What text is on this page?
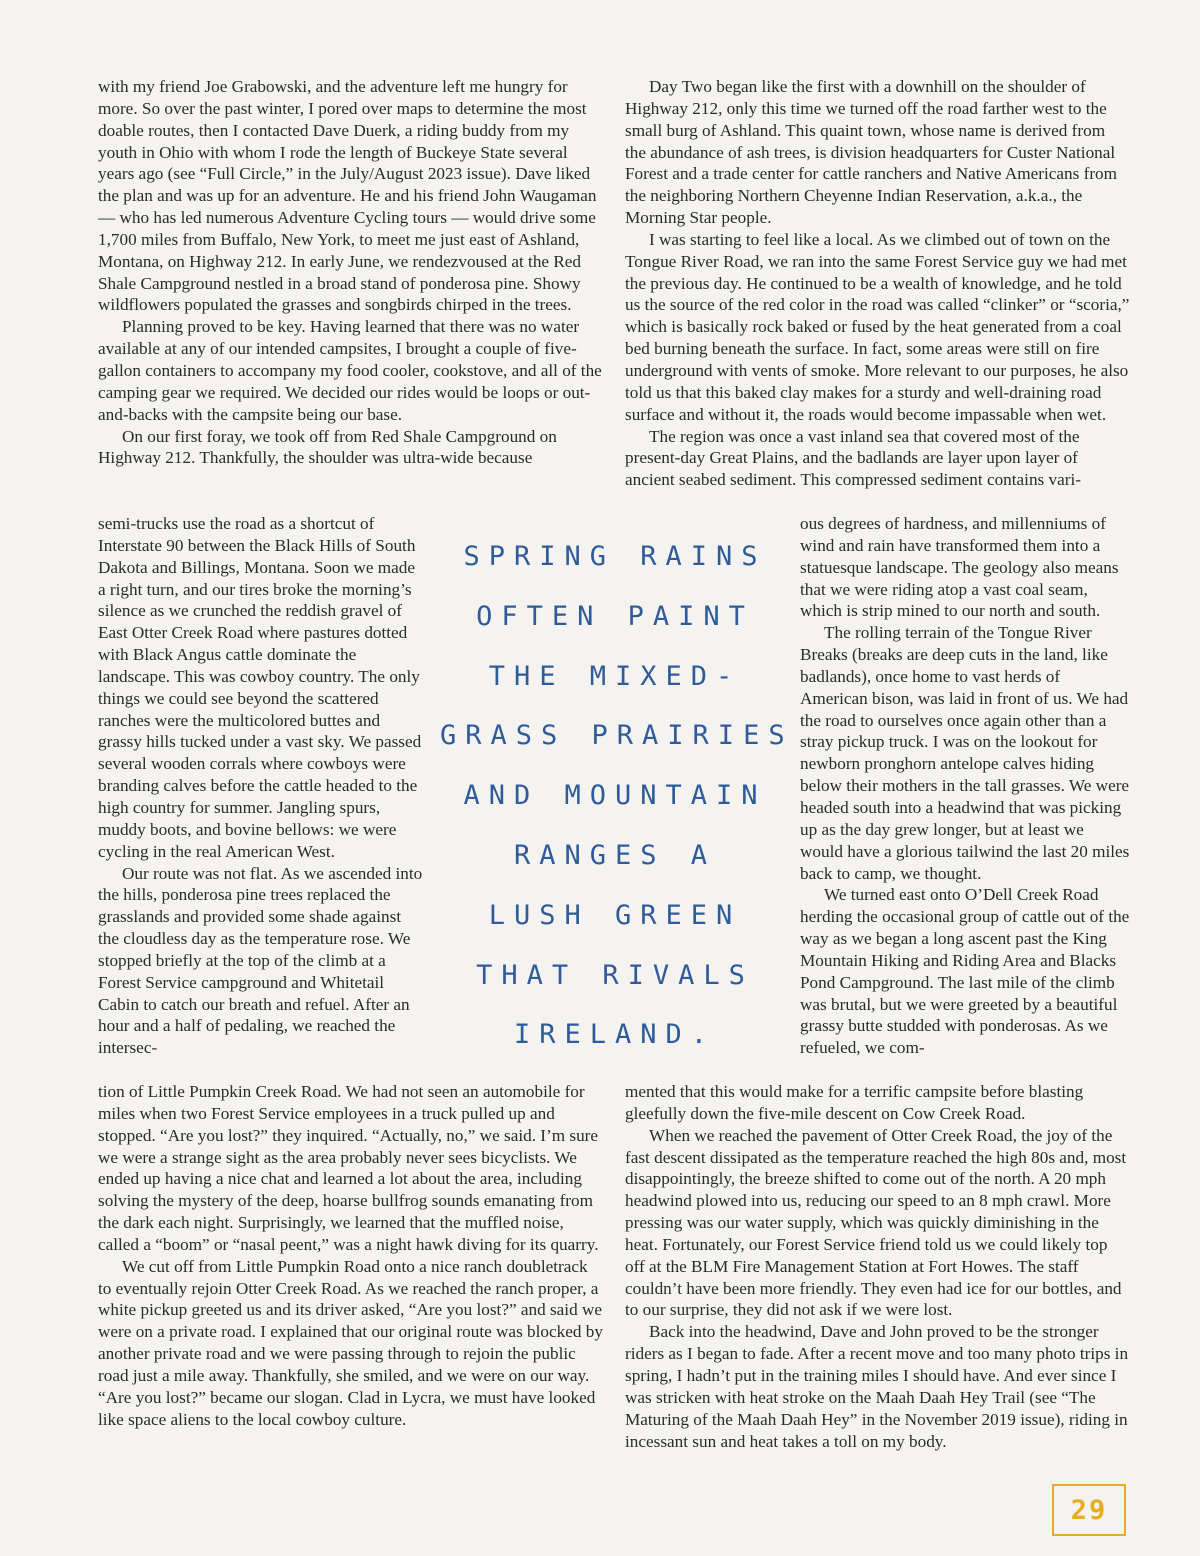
with my friend Joe Grabowski, and the adventure left me hungry for more. So over the past winter, I pored over maps to determine the most doable routes, then I contacted Dave Duerk, a riding buddy from my youth in Ohio with whom I rode the length of Buckeye State several years ago (see “Full Circle,” in the July/August 2023 issue). Dave liked the plan and was up for an adventure. He and his friend John Waugaman — who has led numerous Adventure Cycling tours — would drive some 1,700 miles from Buffalo, New York, to meet me just east of Ashland, Montana, on Highway 212. In early June, we rendezvoused at the Red Shale Campground nestled in a broad stand of ponderosa pine. Showy wildflowers populated the grasses and songbirds chirped in the trees.

Planning proved to be key. Having learned that there was no water available at any of our intended campsites, I brought a couple of five-gallon containers to accompany my food cooler, cookstove, and all of the camping gear we required. We decided our rides would be loops or out-and-backs with the campsite being our base.

On our first foray, we took off from Red Shale Campground on Highway 212. Thankfully, the shoulder was ultra-wide because

semi-trucks use the road as a shortcut of Interstate 90 between the Black Hills of South Dakota and Billings, Montana. Soon we made a right turn, and our tires broke the morning’s silence as we crunched the reddish gravel of East Otter Creek Road where pastures dotted with Black Angus cattle dominate the landscape. This was cowboy country. The only things we could see beyond the scattered ranches were the multicolored buttes and grassy hills tucked under a vast sky. We passed several wooden corrals where cowboys were branding calves before the cattle headed to the high country for summer. Jangling spurs, muddy boots, and bovine bellows: we were cycling in the real American West.

Our route was not flat. As we ascended into the hills, ponderosa pine trees replaced the grasslands and provided some shade against the cloudless day as the temperature rose. We stopped briefly at the top of the climb at a Forest Service campground and Whitetail Cabin to catch our breath and refuel. After an hour and a half of pedaling, we reached the intersec-

tion of Little Pumpkin Creek Road. We had not seen an automobile for miles when two Forest Service employees in a truck pulled up and stopped. “Are you lost?” they inquired. “Actually, no,” we said. I’m sure we were a strange sight as the area probably never sees bicyclists. We ended up having a nice chat and learned a lot about the area, including solving the mystery of the deep, hoarse bullfrog sounds emanating from the dark each night. Surprisingly, we learned that the muffled noise, called a “boom” or “nasal peent,” was a night hawk diving for its quarry.

We cut off from Little Pumpkin Road onto a nice ranch doubletrack to eventually rejoin Otter Creek Road. As we reached the ranch proper, a white pickup greeted us and its driver asked, “Are you lost?” and said we were on a private road. I explained that our original route was blocked by another private road and we were passing through to rejoin the public road just a mile away. Thankfully, she smiled, and we were on our way. “Are you lost?” became our slogan. Clad in Lycra, we must have looked like space aliens to the local cowboy culture.

Day Two began like the first with a downhill on the shoulder of Highway 212, only this time we turned off the road farther west to the small burg of Ashland. This quaint town, whose name is derived from the abundance of ash trees, is division headquarters for Custer National Forest and a trade center for cattle ranchers and Native Americans from the neighboring Northern Cheyenne Indian Reservation, a.k.a., the Morning Star people.

I was starting to feel like a local. As we climbed out of town on the Tongue River Road, we ran into the same Forest Service guy we had met the previous day. He continued to be a wealth of knowledge, and he told us the source of the red color in the road was called “clinker” or “scoria,” which is basically rock baked or fused by the heat generated from a coal bed burning beneath the surface. In fact, some areas were still on fire underground with vents of smoke. More relevant to our purposes, he also told us that this baked clay makes for a sturdy and well-draining road surface and without it, the roads would become impassable when wet.

The region was once a vast inland sea that covered most of the present-day Great Plains, and the badlands are layer upon layer of ancient seabed sediment. This compressed sediment contains vari-

ous degrees of hardness, and millenniums of wind and rain have transformed them into a statuesque landscape. The geology also means that we were riding atop a vast coal seam, which is strip mined to our north and south.

The rolling terrain of the Tongue River Breaks (breaks are deep cuts in the land, like badlands), once home to vast herds of American bison, was laid in front of us. We had the road to ourselves once again other than a stray pickup truck. I was on the lookout for newborn pronghorn antelope calves hiding below their mothers in the tall grasses. We were headed south into a headwind that was picking up as the day grew longer, but at least we would have a glorious tailwind the last 20 miles back to camp, we thought.

We turned east onto O’Dell Creek Road herding the occasional group of cattle out of the way as we began a long ascent past the King Mountain Hiking and Riding Area and Blacks Pond Campground. The last mile of the climb was brutal, but we were greeted by a beautiful grassy butte studded with ponderosas. As we refueled, we com-

mented that this would make for a terrific campsite before blasting gleefully down the five-mile descent on Cow Creek Road.

When we reached the pavement of Otter Creek Road, the joy of the fast descent dissipated as the temperature reached the high 80s and, most disappointingly, the breeze shifted to come out of the north. A 20 mph headwind plowed into us, reducing our speed to an 8 mph crawl. More pressing was our water supply, which was quickly diminishing in the heat. Fortunately, our Forest Service friend told us we could likely top off at the BLM Fire Management Station at Fort Howes. The staff couldn’t have been more friendly. They even had ice for our bottles, and to our surprise, they did not ask if we were lost.

Back into the headwind, Dave and John proved to be the stronger riders as I began to fade. After a recent move and too many photo trips in spring, I hadn’t put in the training miles I should have. And ever since I was stricken with heat stroke on the Maah Daah Hey Trail (see “The Maturing of the Maah Daah Hey” in the November 2019 issue), riding in incessant sun and heat takes a toll on my body.

SPRING RAINS
OFTEN PAINT
THE MIXED-
GRASS PRAIRIES
AND MOUNTAIN
RANGES A
LUSH GREEN
THAT RIVALS
IRELAND.
29
